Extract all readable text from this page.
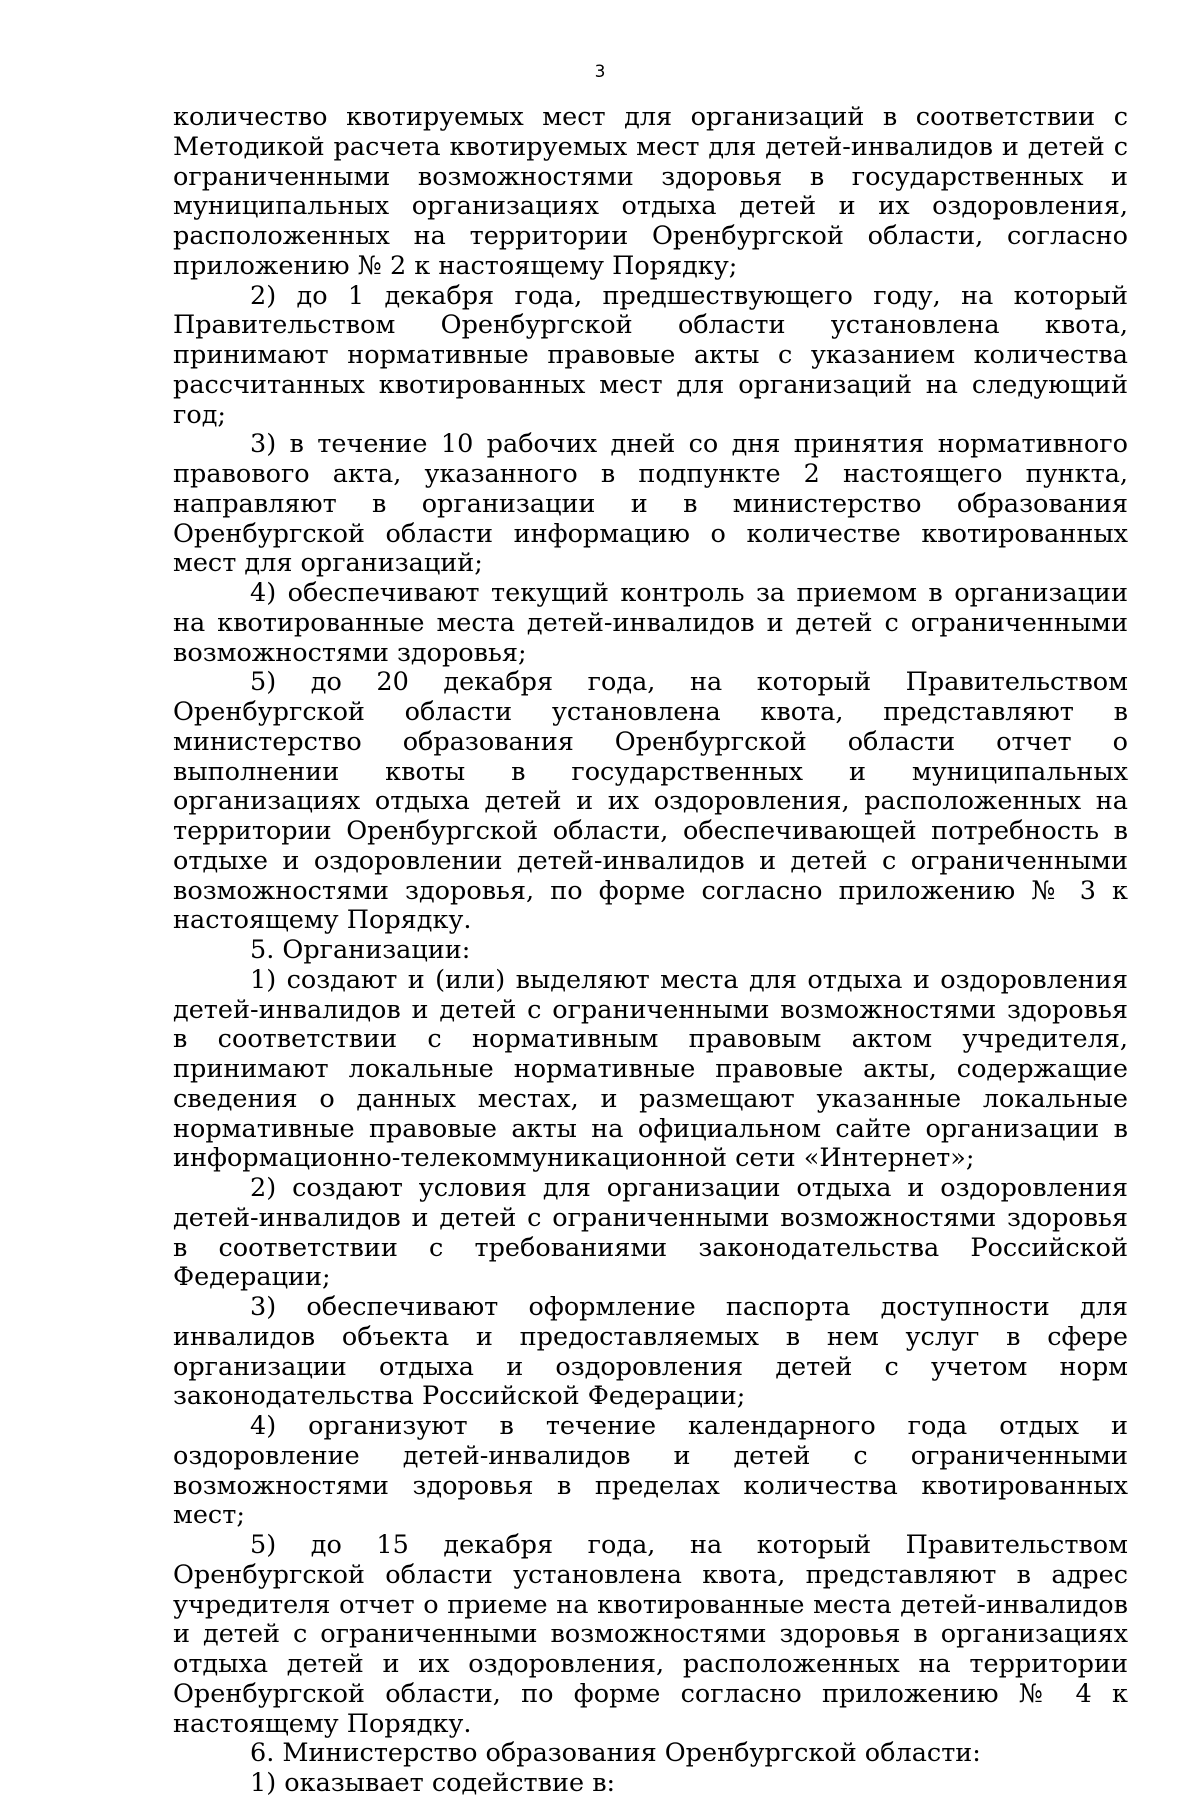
3

количество квотируемых мест для организаций в соответствии с Методикой расчета квотируемых мест для детей-инвалидов и детей с ограниченными возможностями здоровья в государственных и муниципальных организациях отдыха детей и их оздоровления, расположенных на территории Оренбургской области, согласно приложению № 2 к настоящему Порядку;

2) до 1 декабря года, предшествующего году, на который Правительством Оренбургской области установлена квота, принимают нормативные правовые акты с указанием количества рассчитанных квотированных мест для организаций на следующий год;

3) в течение 10 рабочих дней со дня принятия нормативного правового акта, указанного в подпункте 2 настоящего пункта, направляют в организации и в министерство образования Оренбургской области информацию о количестве квотированных мест для организаций;

4) обеспечивают текущий контроль за приемом в организации на квотированные места детей-инвалидов и детей с ограниченными возможностями здоровья;

5) до 20 декабря года, на который Правительством Оренбургской области установлена квота, представляют в министерство образования Оренбургской области отчет о выполнении квоты в государственных и муниципальных организациях отдыха детей и их оздоровления, расположенных на территории Оренбургской области, обеспечивающей потребность в отдыхе и оздоровлении детей-инвалидов и детей с ограниченными возможностями здоровья, по форме согласно приложению № 3 к настоящему Порядку.

5. Организации:

1) создают и (или) выделяют места для отдыха и оздоровления детей-инвалидов и детей с ограниченными возможностями здоровья в соответствии с нормативным правовым актом учредителя, принимают локальные нормативные правовые акты, содержащие сведения о данных местах, и размещают указанные локальные нормативные правовые акты на официальном сайте организации в информационно-телекоммуникационной сети «Интернет»;

2) создают условия для организации отдыха и оздоровления детей-инвалидов и детей с ограниченными возможностями здоровья в соответствии с требованиями законодательства Российской Федерации;

3) обеспечивают оформление паспорта доступности для инвалидов объекта и предоставляемых в нем услуг в сфере организации отдыха и оздоровления детей с учетом норм законодательства Российской Федерации;

4) организуют в течение календарного года отдых и оздоровление детей-инвалидов и детей с ограниченными возможностями здоровья в пределах количества квотированных мест;

5) до 15 декабря года, на который Правительством Оренбургской области установлена квота, представляют в адрес учредителя отчет о приеме на квотированные места детей-инвалидов и детей с ограниченными возможностями здоровья в организациях отдыха детей и их оздоровления, расположенных на территории Оренбургской области, по форме согласно приложению № 4 к настоящему Порядку.

6. Министерство образования Оренбургской области:

1) оказывает содействие в:
